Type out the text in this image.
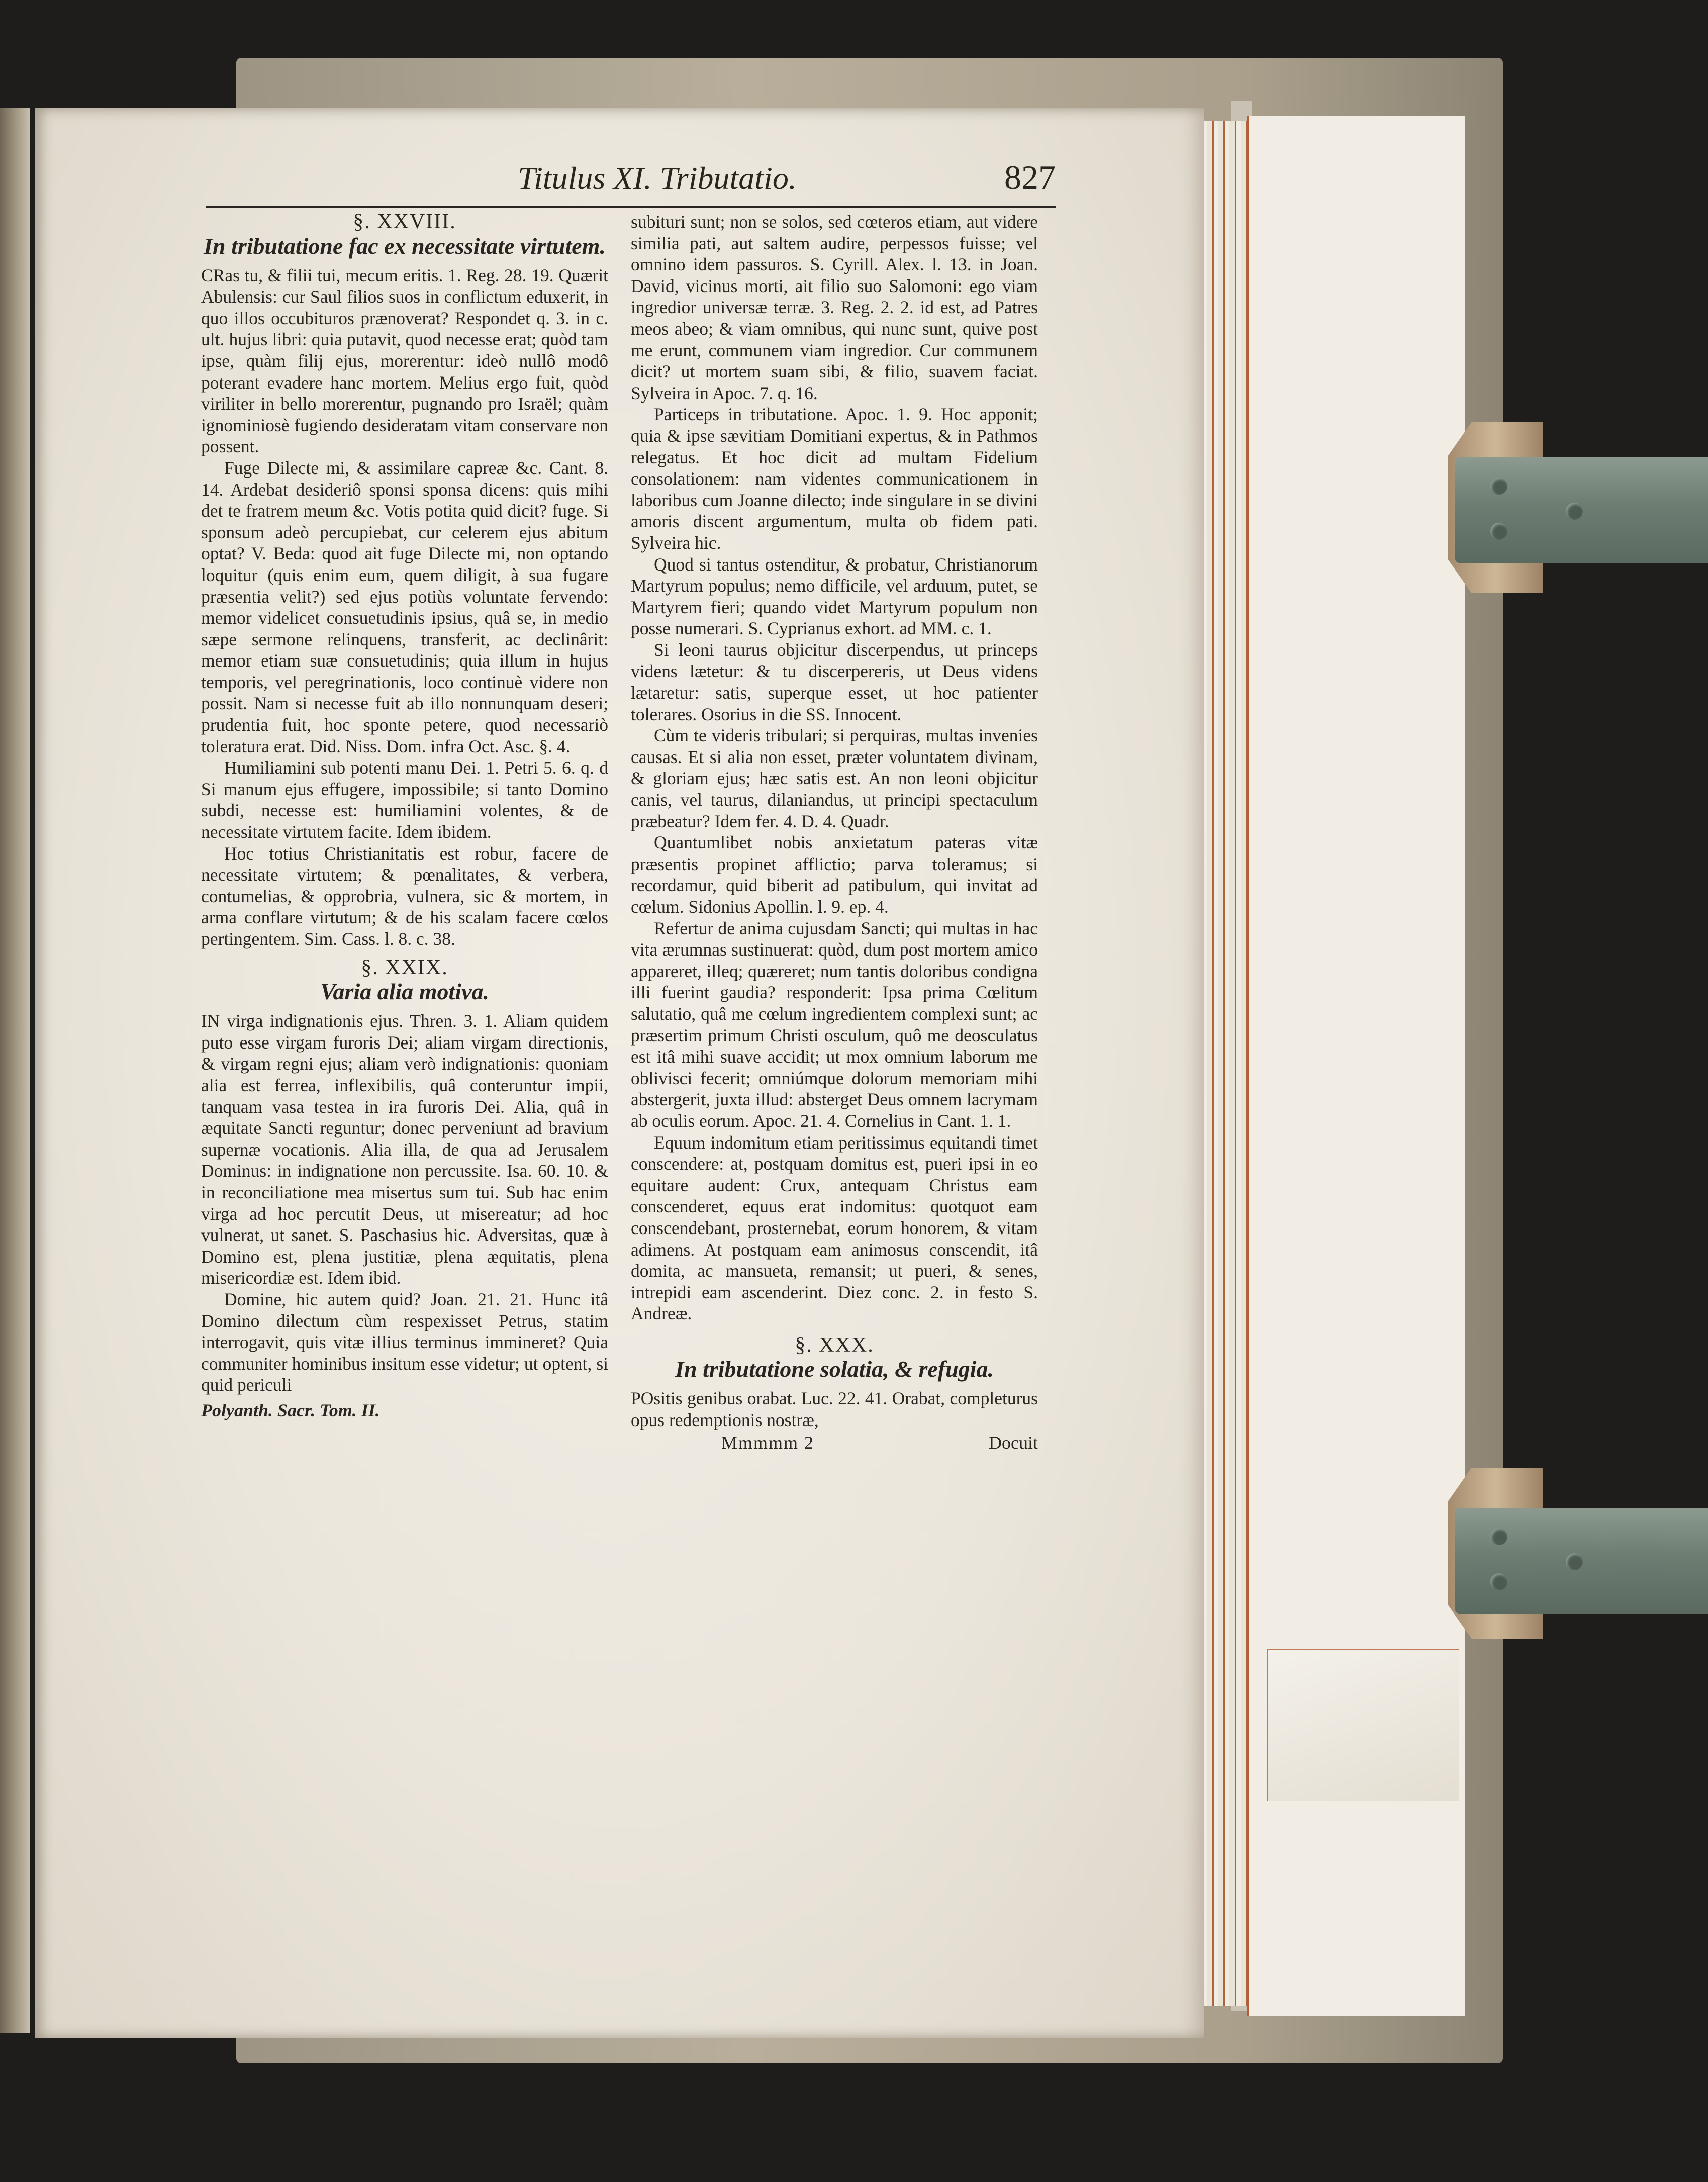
Titulus XI. Tributatio.	827
§. XXVIII.
In tributatione fac ex necessitate virtutem.

CRas tu, & filii tui, mecum eritis. 1. Reg. 28. 19. Quærit Abulensis: cur Saul filios suos in conflictum eduxerit, in quo illos occubituros prænoverat? Respondet q. 3. in c. ult. hujus libri: quia putavit, quod necesse erat; quòd tam ipse, quàm filij ejus, morerentur: ideò nullô modô poterant evadere hanc mortem. Melius ergo fuit, quòd viriliter in bello morerentur, pugnando pro Israël; quàm ignominiosè fugiendo desideratam vitam conservare non possent.

Fuge Dilecte mi, & assimilare capreæ &c. Cant. 8. 14. Ardebat desideriô sponsi sponsa dicens: quis mihi det te fratrem meum &c. Votis potita quid dicit? fuge. Si sponsum adeò percupiebat, cur celerem ejus abitum optat? V. Beda: quod ait fuge Dilecte mi, non optando loquitur (quis enim eum, quem diligit, à sua fugare præsentia velit?) sed ejus potiùs voluntate fervendo: memor videlicet consuetudinis ipsius, quâ se, in medio sæpe sermone relinquens, transferit, ac declinârit: memor etiam suæ consuetudinis; quia illum in hujus temporis, vel peregrinationis, loco continuè videre non possit. Nam si necesse fuit ab illo nonnunquam deseri; prudentia fuit, hoc sponte petere, quod necessariò toleratura erat. Did. Niss. Dom. infra Oct. Asc. §. 4.

Humiliamini sub potenti manu Dei. 1. Petri 5. 6. q. d Si manum ejus effugere, impossibile; si tanto Domino subdi, necesse est: humiliamini volentes, & de necessitate virtutem facite. Idem ibidem.

Hoc totius Christianitatis est robur, facere de necessitate virtutem; & pœnalitates, & verbera, contumelias, & opprobria, vulnera, sic & mortem, in arma conflare virtutum; & de his scalam facere cœlos pertingentem. Sim. Cass. l. 8. c. 38.

§. XXIX.
Varia alia motiva.

IN virga indignationis ejus. Thren. 3. 1. Aliam quidem puto esse virgam furoris Dei; aliam virgam directionis, & virgam regni ejus; aliam verò indignationis: quoniam alia est ferrea, inflexibilis, quâ conteruntur impii, tanquam vasa testea in ira furoris Dei. Alia, quâ in æquitate Sancti reguntur; donec perveniunt ad bravium supernæ vocationis. Alia illa, de qua ad Jerusalem Dominus: in indignatione non percussite. Isa. 60. 10. & in reconciliatione mea misertus sum tui. Sub hac enim virga ad hoc percutit Deus, ut misereatur; ad hoc vulnerat, ut sanet. S. Paschasius hic. Adversitas, quæ à Domino est, plena justitiæ, plena æquitatis, plena misericordiæ est. Idem ibid.

Domine, hic autem quid? Joan. 21. 21. Hunc itâ Domino dilectum cùm respexisset Petrus, statim interrogavit, quis vitæ illius terminus immineret? Quia communiter hominibus insitum esse videtur; ut optent, si quid periculi

Polyanth. Sacr. Tom. II.

subituri sunt; non se solos, sed cœteros etiam, aut videre similia pati, aut saltem audire, perpessos fuisse; vel omnino idem passuros. S. Cyrill. Alex. l. 13. in Joan. David, vicinus morti, ait filio suo Salomoni: ego viam ingredior universæ terræ. 3. Reg. 2. 2. id est, ad Patres meos abeo; & viam omnibus, qui nunc sunt, quive post me erunt, communem viam ingredior. Cur communem dicit? ut mortem suam sibi, & filio, suavem faciat. Sylveira in Apoc. 7. q. 16.

Particeps in tributatione. Apoc. 1. 9. Hoc apponit; quia & ipse sævitiam Domitiani expertus, & in Pathmos relegatus. Et hoc dicit ad multam Fidelium consolationem: nam videntes communicationem in laboribus cum Joanne dilecto; inde singulare in se divini amoris discent argumentum, multa ob fidem pati. Sylveira hic.

Quod si tantus ostenditur, & probatur, Christianorum Martyrum populus; nemo difficile, vel arduum, putet, se Martyrem fieri; quando videt Martyrum populum non posse numerari. S. Cyprianus exhort. ad MM. c. 1.

Si leoni taurus objicitur discerpendus, ut princeps videns lætetur: & tu discerpereris, ut Deus videns lætaretur: satis, superque esset, ut hoc patienter tolerares. Osorius in die SS. Innocent.

Cùm te videris tribulari; si perquiras, multas invenies causas. Et si alia non esset, præter voluntatem divinam, & gloriam ejus; hæc satis est. An non leoni objicitur canis, vel taurus, dilaniandus, ut principi spectaculum præbeatur? Idem fer. 4. D. 4. Quadr.

Quantumlibet nobis anxietatum pateras vitæ præsentis propinet afflictio; parva toleramus; si recordamur, quid biberit ad patibulum, qui invitat ad cœlum. Sidonius Apollin. l. 9. ep. 4.

Refertur de anima cujusdam Sancti; qui multas in hac vita ærumnas sustinuerat: quòd, dum post mortem amico appareret, illeq; quæreret; num tantis doloribus condigna illi fuerint gaudia? responderit: Ipsa prima Cœlitum salutatio, quâ me cœlum ingredientem complexi sunt; ac præsertim primum Christi osculum, quô me deosculatus est itâ mihi suave accidit; ut mox omnium laborum me oblivisci fecerit; omniúmque dolorum memoriam mihi abstergerit, juxta illud: absterget Deus omnem lacrymam ab oculis eorum. Apoc. 21. 4. Cornelius in Cant. 1. 1.

Equum indomitum etiam peritissimus equitandi timet conscendere: at, postquam domitus est, pueri ipsi in eo equitare audent: Crux, antequam Christus eam conscenderet, equus erat indomitus: quotquot eam conscendebant, prosternebat, eorum honorem, & vitam adimens. At postquam eam animosus conscendit, itâ domita, ac mansueta, remansit; ut pueri, & senes, intrepidi eam ascenderint. Diez conc. 2. in festo S. Andreæ.

§. XXX.
In tributatione solatia, & refugia.

POsitis genibus orabat. Luc. 22. 41. Orabat, completurus opus redemptionis nostræ,

Mmmmm 2	Docuit
